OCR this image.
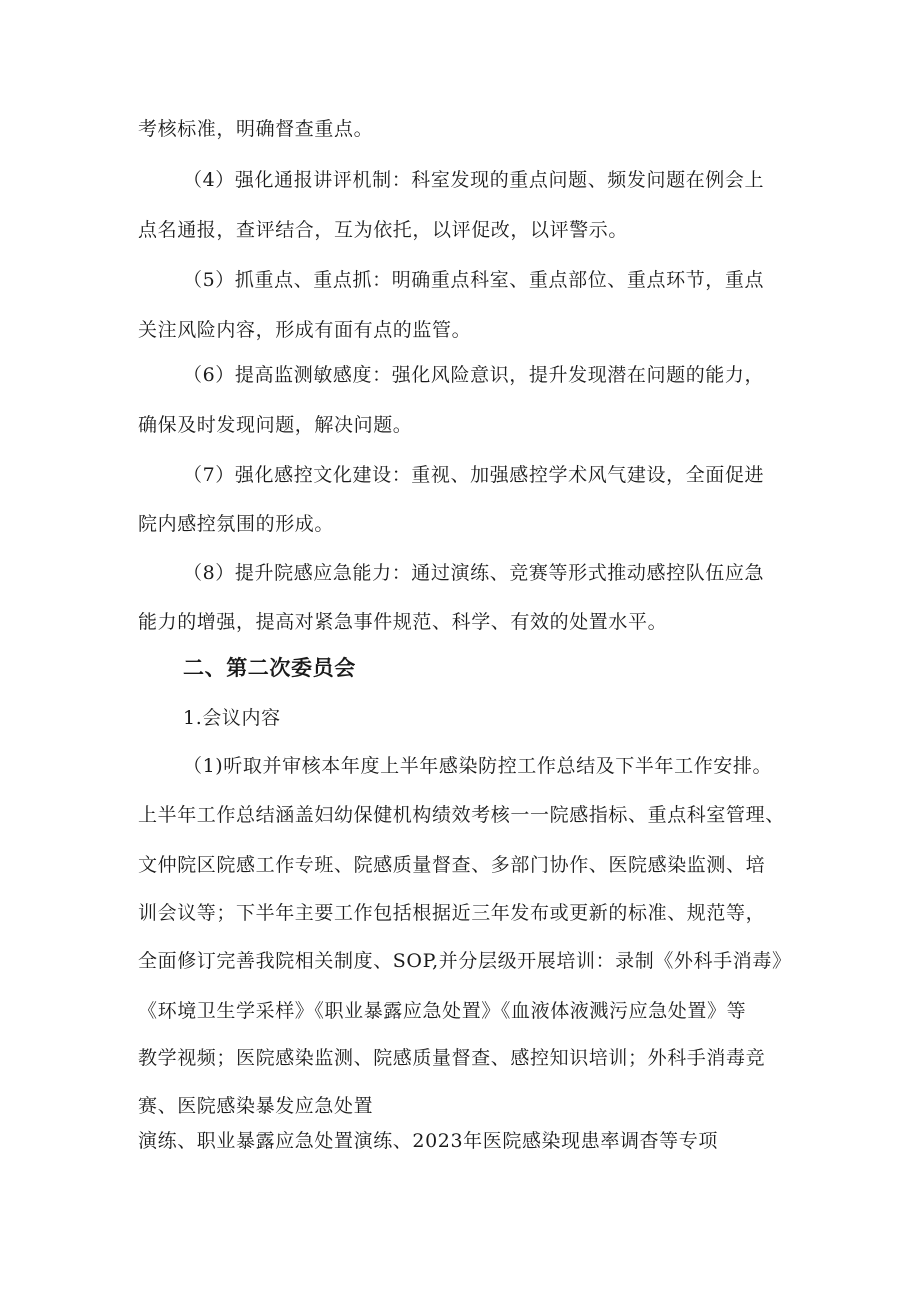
考核标准，明确督查重点。
（4）强化通报讲评机制：科室发现的重点问题、频发问题在例会上
点名通报，查评结合，互为依托，以评促改，以评警示。
（5）抓重点、重点抓：明确重点科室、重点部位、重点环节，重点
关注风险内容，形成有面有点的监管。
（6）提高监测敏感度：强化风险意识，提升发现潜在问题的能力，
确保及时发现问题，解决问题。
（7）强化感控文化建设：重视、加强感控学术风气建设，全面促进
院内感控氛围的形成。
（8）提升院感应急能力：通过演练、竞赛等形式推动感控队伍应急
能力的增强，提高对紧急事件规范、科学、有效的处置水平。
二、第二次委员会
1.会议内容
（1)听取并审核本年度上半年感染防控工作总结及下半年工作安排。
上半年工作总结涵盖妇幼保健机构绩效考核一一院感指标、重点科室管理、
文仲院区院感工作专班、院感质量督查、多部门协作、医院感染监测、培
训会议等；下半年主要工作包括根据近三年发布或更新的标准、规范等，
全面修订完善我院相关制度、SOP,并分层级开展培训：录制《外科手消毒》
《环境卫生学采样》《职业暴露应急处置》《血液体液溅污应急处置》等
教学视频；医院感染监测、院感质量督查、感控知识培训；外科手消毒竞
赛、医院感染暴发应急处置
演练、职业暴露应急处置演练、2023年医院感染现患率调杳等专项
